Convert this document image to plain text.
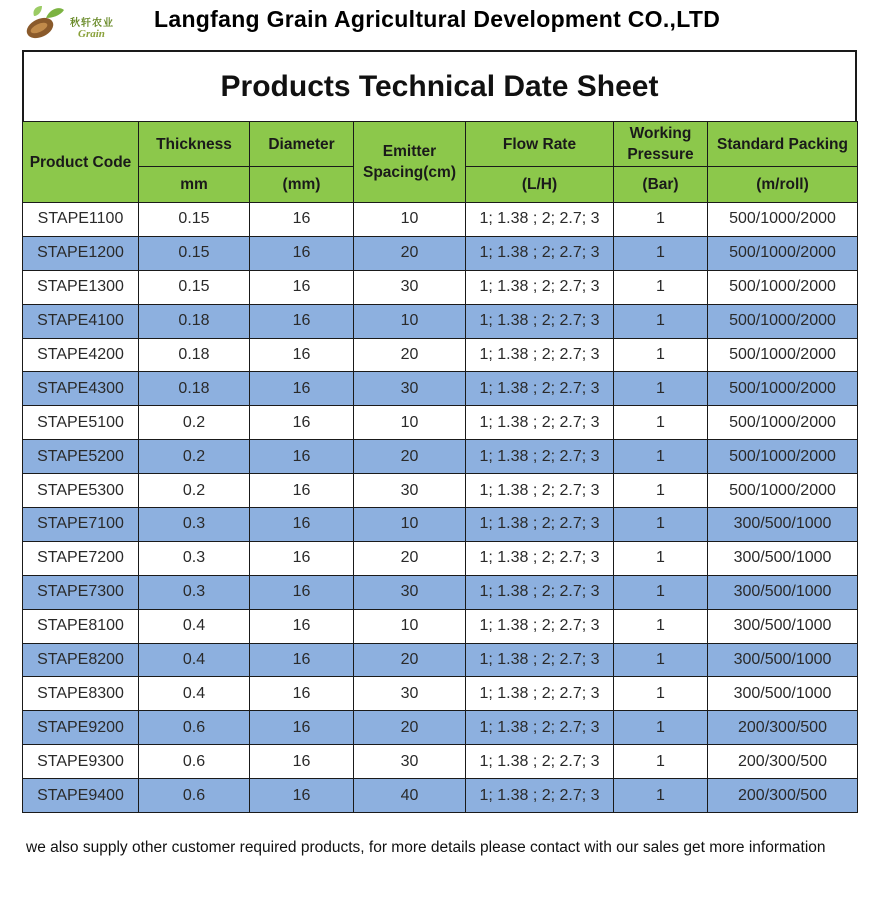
秋轩农业
Grain
Langfang Grain Agricultural Development CO.,LTD
Products Technical Date Sheet
Product Code	Thickness	Diameter	Emitter Spacing(cm)	Flow Rate	Working Pressure	Standard Packing
	mm	(mm)		(L/H)	(Bar)	(m/roll)
STAPE1100	0.15	16	10	1; 1.38 ; 2; 2.7; 3	1	500/1000/2000
STAPE1200	0.15	16	20	1; 1.38 ; 2; 2.7; 3	1	500/1000/2000
STAPE1300	0.15	16	30	1; 1.38 ; 2; 2.7; 3	1	500/1000/2000
STAPE4100	0.18	16	10	1; 1.38 ; 2; 2.7; 3	1	500/1000/2000
STAPE4200	0.18	16	20	1; 1.38 ; 2; 2.7; 3	1	500/1000/2000
STAPE4300	0.18	16	30	1; 1.38 ; 2; 2.7; 3	1	500/1000/2000
STAPE5100	0.2	16	10	1; 1.38 ; 2; 2.7; 3	1	500/1000/2000
STAPE5200	0.2	16	20	1; 1.38 ; 2; 2.7; 3	1	500/1000/2000
STAPE5300	0.2	16	30	1; 1.38 ; 2; 2.7; 3	1	500/1000/2000
STAPE7100	0.3	16	10	1; 1.38 ; 2; 2.7; 3	1	300/500/1000
STAPE7200	0.3	16	20	1; 1.38 ; 2; 2.7; 3	1	300/500/1000
STAPE7300	0.3	16	30	1; 1.38 ; 2; 2.7; 3	1	300/500/1000
STAPE8100	0.4	16	10	1; 1.38 ; 2; 2.7; 3	1	300/500/1000
STAPE8200	0.4	16	20	1; 1.38 ; 2; 2.7; 3	1	300/500/1000
STAPE8300	0.4	16	30	1; 1.38 ; 2; 2.7; 3	1	300/500/1000
STAPE9200	0.6	16	20	1; 1.38 ; 2; 2.7; 3	1	200/300/500
STAPE9300	0.6	16	30	1; 1.38 ; 2; 2.7; 3	1	200/300/500
STAPE9400	0.6	16	40	1; 1.38 ; 2; 2.7; 3	1	200/300/500
we also supply other customer required products, for more details please contact with our sales get more information
